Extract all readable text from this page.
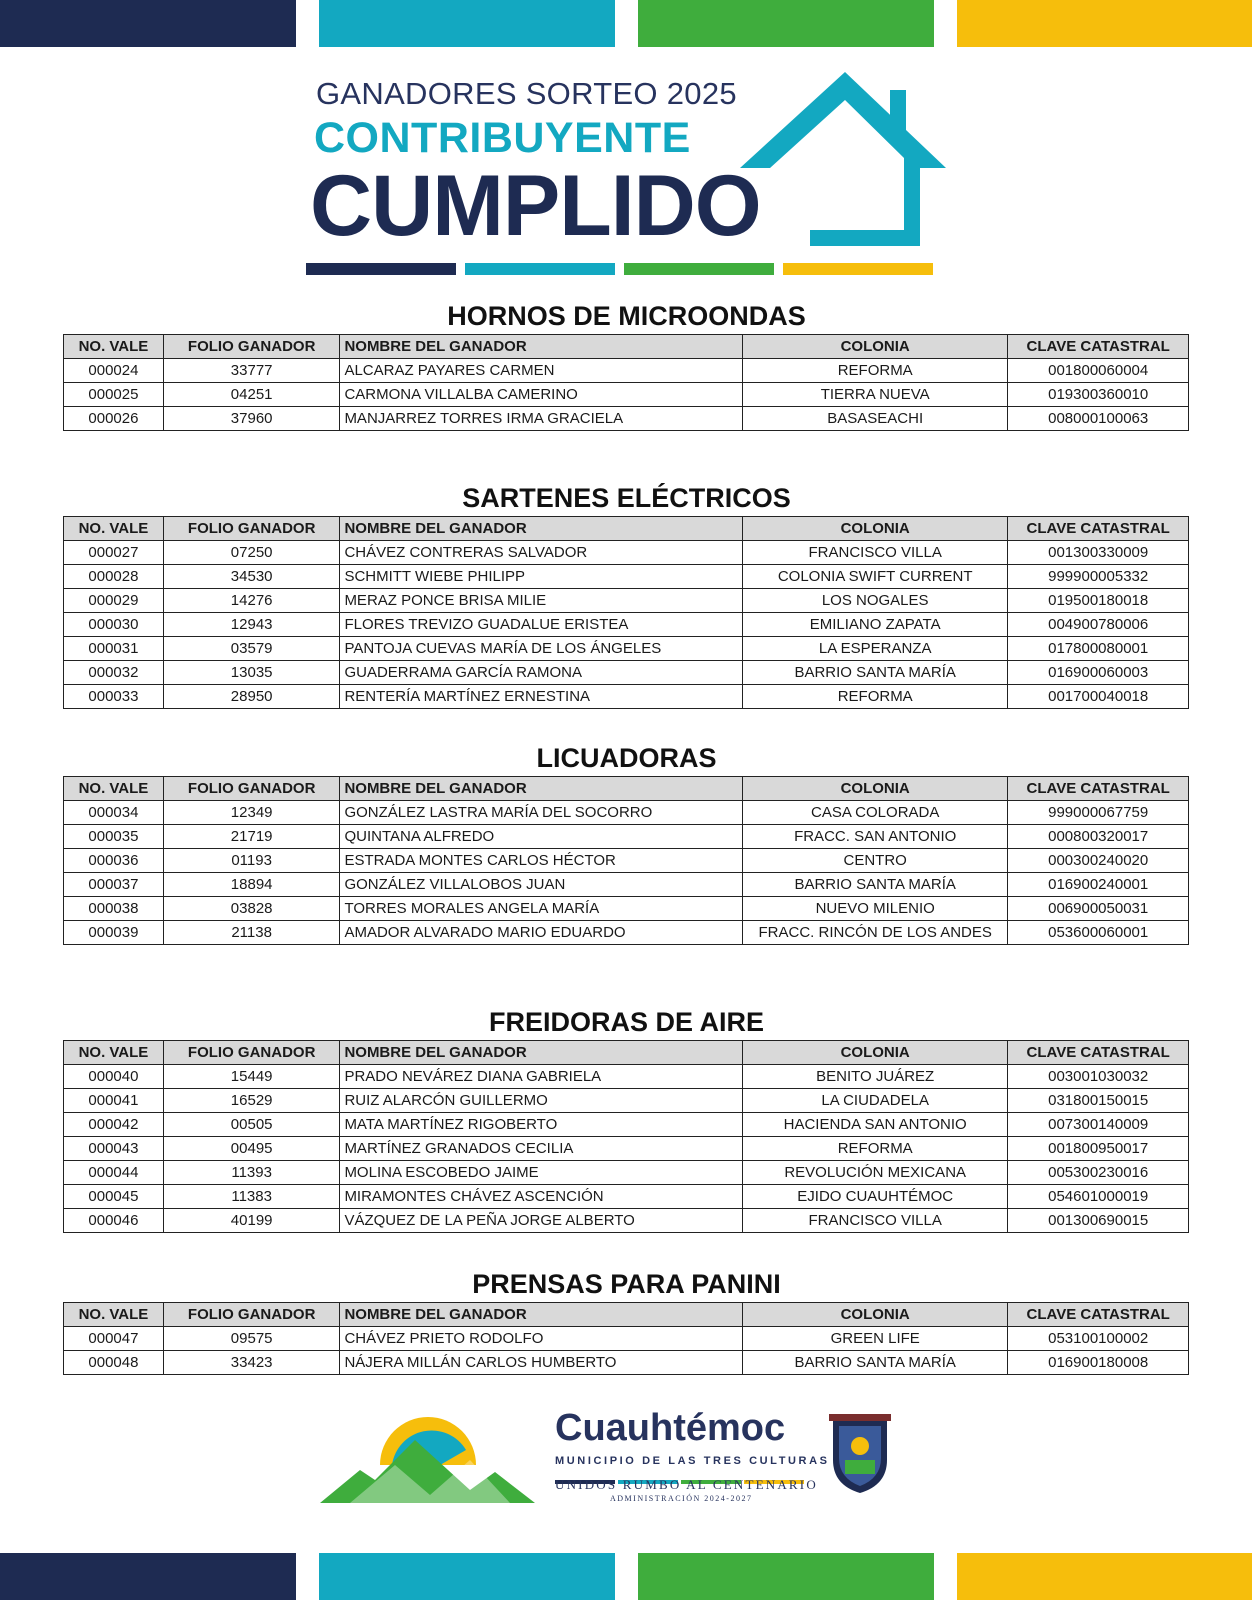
GANADORES SORTEO 2025
CONTRIBUYENTE
CUMPLIDO
HORNOS DE MICROONDAS
NO. VALE	FOLIO GANADOR	NOMBRE DEL GANADOR	COLONIA	CLAVE CATASTRAL
000024	33777	ALCARAZ PAYARES CARMEN	REFORMA	001800060004
000025	04251	CARMONA VILLALBA CAMERINO	TIERRA NUEVA	019300360010
000026	37960	MANJARREZ TORRES IRMA GRACIELA	BASASEACHI	008000100063
SARTENES ELÉCTRICOS
NO. VALE	FOLIO GANADOR	NOMBRE DEL GANADOR	COLONIA	CLAVE CATASTRAL
000027	07250	CHÁVEZ CONTRERAS SALVADOR	FRANCISCO VILLA	001300330009
000028	34530	SCHMITT WIEBE PHILIPP	COLONIA SWIFT CURRENT	999900005332
000029	14276	MERAZ PONCE BRISA MILIE	LOS NOGALES	019500180018
000030	12943	FLORES TREVIZO GUADALUE ERISTEA	EMILIANO ZAPATA	004900780006
000031	03579	PANTOJA CUEVAS MARÍA DE LOS ÁNGELES	LA ESPERANZA	017800080001
000032	13035	GUADERRAMA GARCÍA RAMONA	BARRIO SANTA MARÍA	016900060003
000033	28950	RENTERÍA MARTÍNEZ ERNESTINA	REFORMA	001700040018
LICUADORAS
NO. VALE	FOLIO GANADOR	NOMBRE DEL GANADOR	COLONIA	CLAVE CATASTRAL
000034	12349	GONZÁLEZ LASTRA MARÍA DEL SOCORRO	CASA COLORADA	999000067759
000035	21719	QUINTANA ALFREDO	FRACC. SAN ANTONIO	000800320017
000036	01193	ESTRADA MONTES CARLOS HÉCTOR	CENTRO	000300240020
000037	18894	GONZÁLEZ VILLALOBOS JUAN	BARRIO SANTA MARÍA	016900240001
000038	03828	TORRES MORALES ANGELA MARÍA	NUEVO MILENIO	006900050031
000039	21138	AMADOR ALVARADO MARIO EDUARDO	FRACC. RINCÓN DE LOS ANDES	053600060001
FREIDORAS DE AIRE
NO. VALE	FOLIO GANADOR	NOMBRE DEL GANADOR	COLONIA	CLAVE CATASTRAL
000040	15449	PRADO NEVÁREZ DIANA GABRIELA	BENITO JUÁREZ	003001030032
000041	16529	RUIZ ALARCÓN GUILLERMO	LA CIUDADELA	031800150015
000042	00505	MATA MARTÍNEZ RIGOBERTO	HACIENDA SAN ANTONIO	007300140009
000043	00495	MARTÍNEZ GRANADOS CECILIA	REFORMA	001800950017
000044	11393	MOLINA ESCOBEDO JAIME	REVOLUCIÓN MEXICANA	005300230016
000045	11383	MIRAMONTES CHÁVEZ ASCENCIÓN	EJIDO CUAUHTÉMOC	054601000019
000046	40199	VÁZQUEZ DE LA PEÑA JORGE ALBERTO	FRANCISCO VILLA	001300690015
PRENSAS PARA PANINI
NO. VALE	FOLIO GANADOR	NOMBRE DEL GANADOR	COLONIA	CLAVE CATASTRAL
000047	09575	CHÁVEZ PRIETO RODOLFO	GREEN LIFE	053100100002
000048	33423	NÁJERA MILLÁN CARLOS HUMBERTO	BARRIO SANTA MARÍA	016900180008
Cuauhtémoc
MUNICIPIO DE LAS TRES CULTURAS
UNIDOS RUMBO AL CENTENARIO
ADMINISTRACIÓN 2024-2027
